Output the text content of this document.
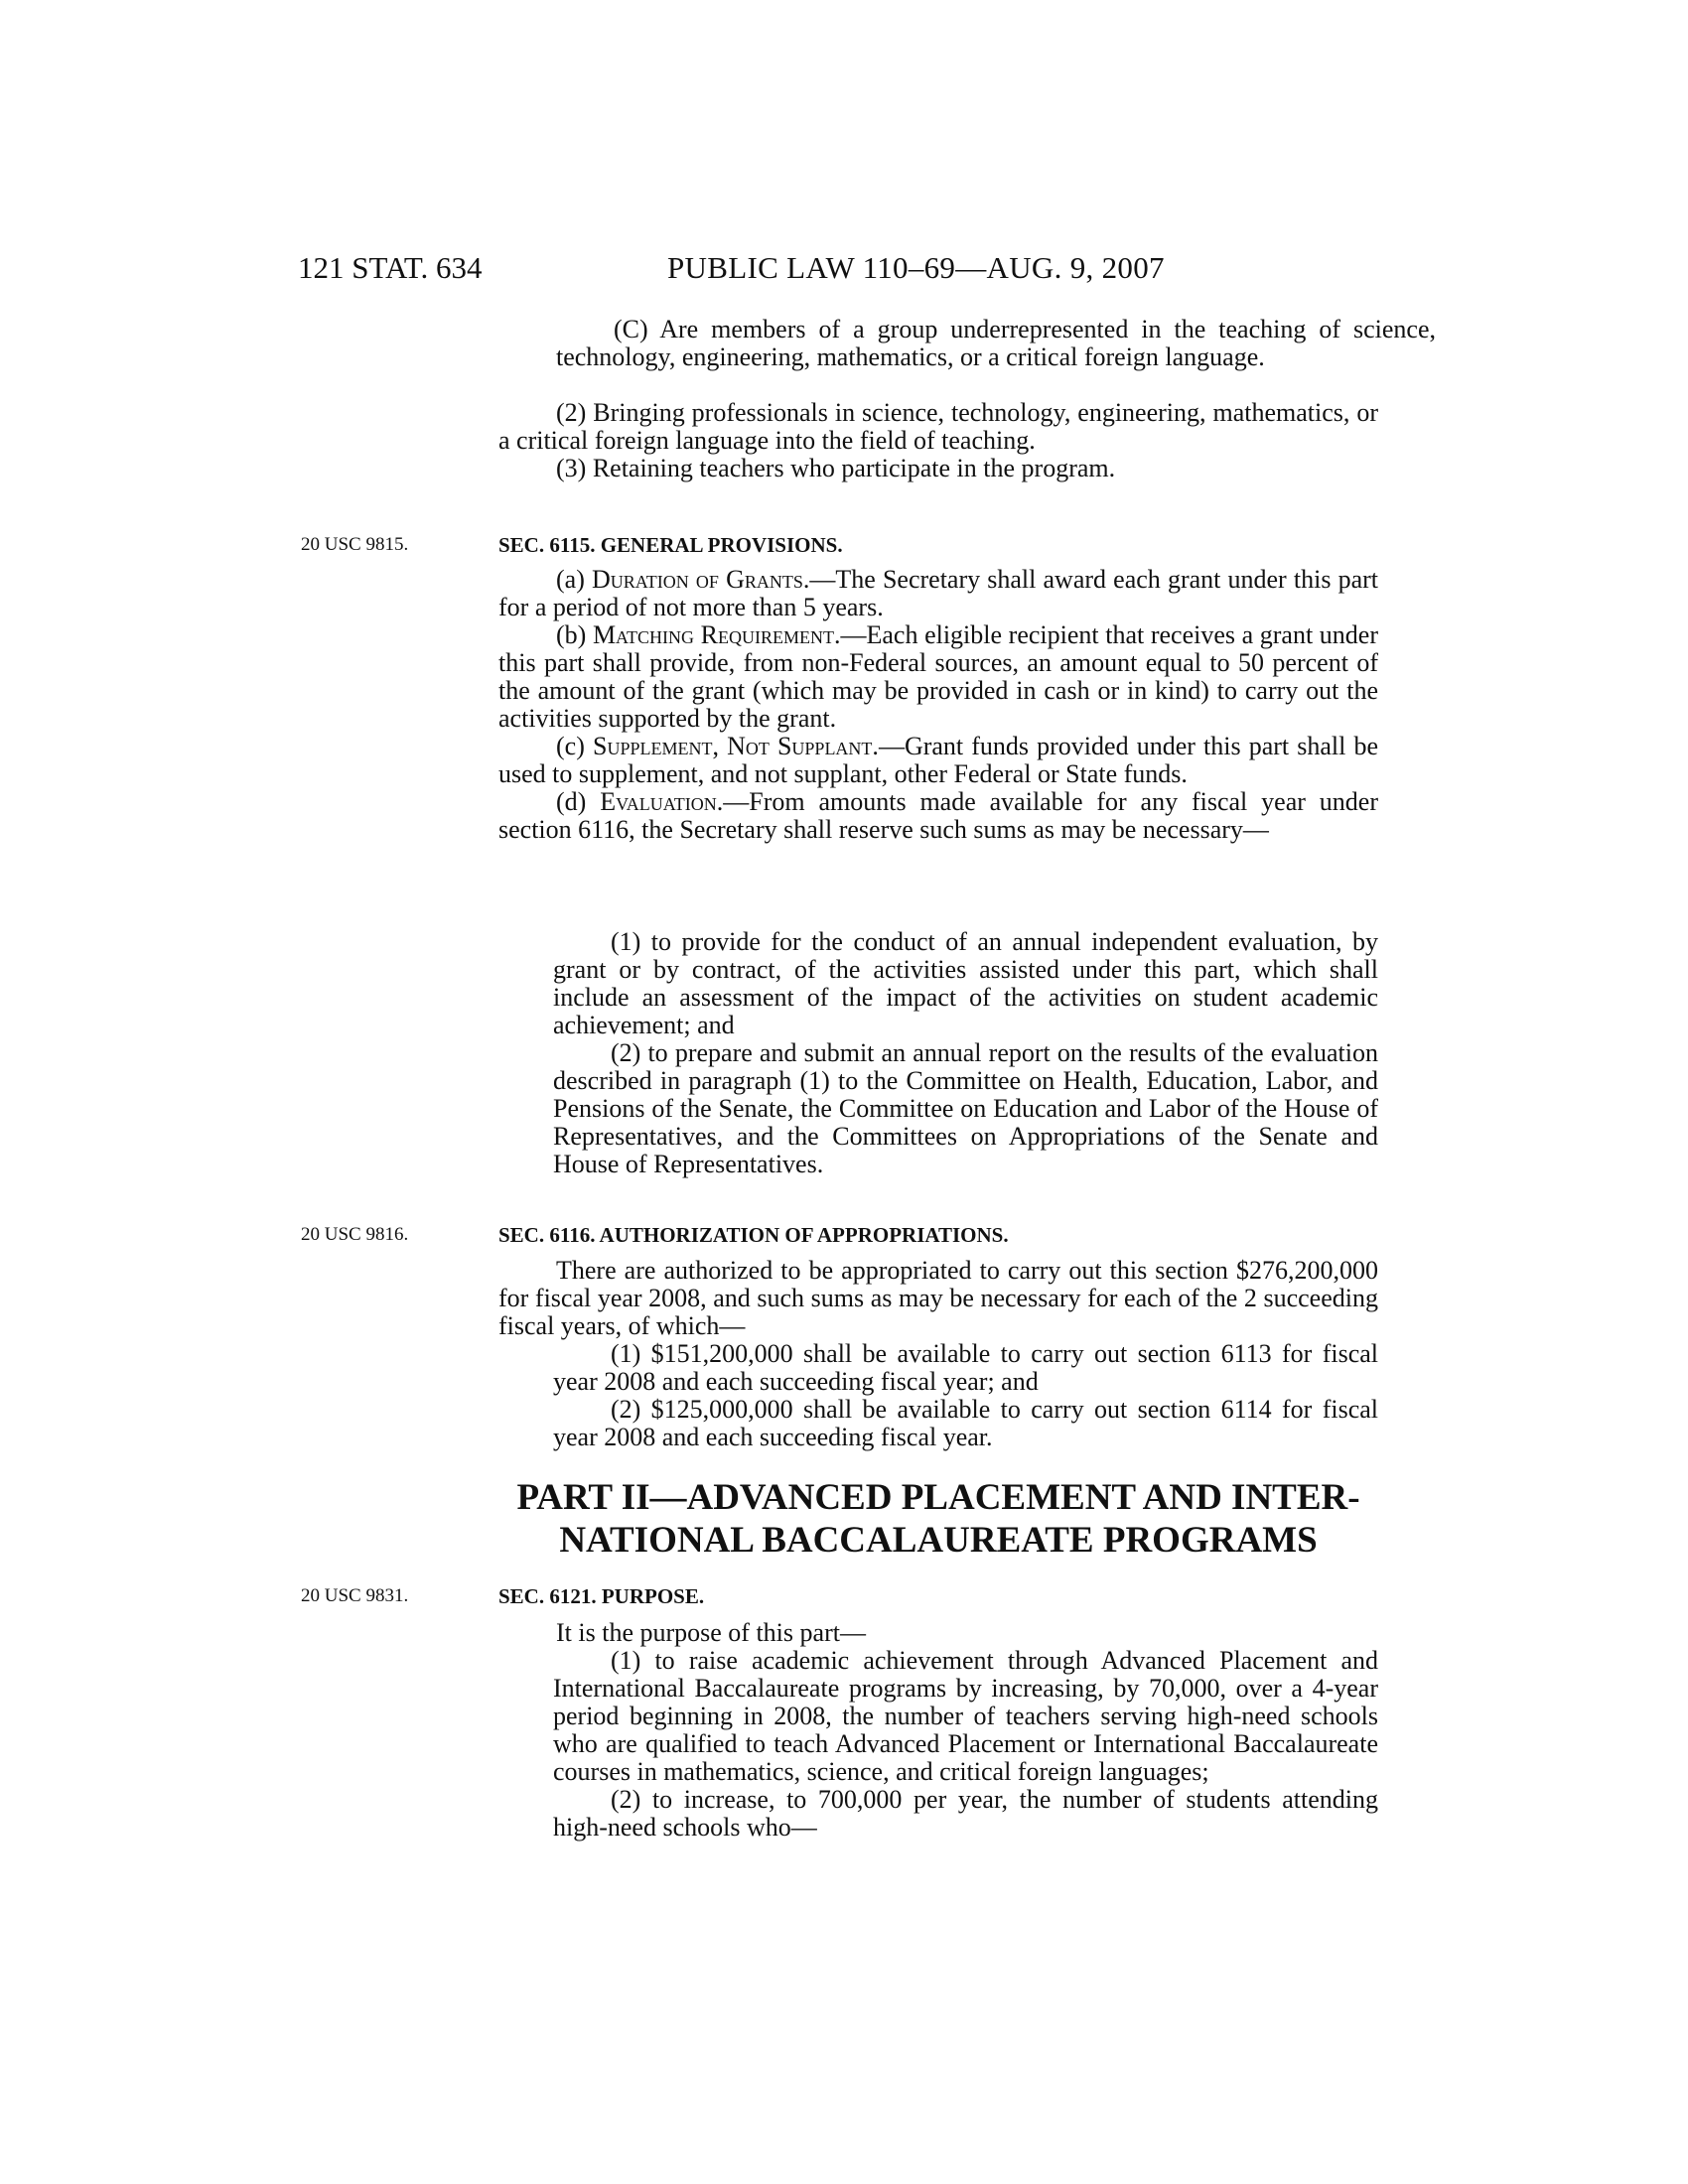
121 STAT. 634	PUBLIC LAW 110–69—AUG. 9, 2007

(C) Are members of a group underrepresented in the teaching of science, technology, engineering, mathematics, or a critical foreign language.

(2) Bringing professionals in science, technology, engineering, mathematics, or a critical foreign language into the field of teaching.

(3) Retaining teachers who participate in the program.

20 USC 9815.	SEC. 6115. GENERAL PROVISIONS.

(a) Duration of Grants.—The Secretary shall award each grant under this part for a period of not more than 5 years.

(b) Matching Requirement.—Each eligible recipient that receives a grant under this part shall provide, from non-Federal sources, an amount equal to 50 percent of the amount of the grant (which may be provided in cash or in kind) to carry out the activities supported by the grant.

(c) Supplement, Not Supplant.—Grant funds provided under this part shall be used to supplement, and not supplant, other Federal or State funds.

(d) Evaluation.—From amounts made available for any fiscal year under section 6116, the Secretary shall reserve such sums as may be necessary—

(1) to provide for the conduct of an annual independent evaluation, by grant or by contract, of the activities assisted under this part, which shall include an assessment of the impact of the activities on student academic achievement; and

(2) to prepare and submit an annual report on the results of the evaluation described in paragraph (1) to the Committee on Health, Education, Labor, and Pensions of the Senate, the Committee on Education and Labor of the House of Representatives, and the Committees on Appropriations of the Senate and House of Representatives.

20 USC 9816.	SEC. 6116. AUTHORIZATION OF APPROPRIATIONS.

There are authorized to be appropriated to carry out this section $276,200,000 for fiscal year 2008, and such sums as may be necessary for each of the 2 succeeding fiscal years, of which—

(1) $151,200,000 shall be available to carry out section 6113 for fiscal year 2008 and each succeeding fiscal year; and

(2) $125,000,000 shall be available to carry out section 6114 for fiscal year 2008 and each succeeding fiscal year.

PART II—ADVANCED PLACEMENT AND INTER-
NATIONAL BACCALAUREATE PROGRAMS
20 USC 9831.	SEC. 6121. PURPOSE.

It is the purpose of this part—

(1) to raise academic achievement through Advanced Placement and International Baccalaureate programs by increasing, by 70,000, over a 4-year period beginning in 2008, the number of teachers serving high-need schools who are qualified to teach Advanced Placement or International Baccalaureate courses in mathematics, science, and critical foreign languages;

(2) to increase, to 700,000 per year, the number of students attending high-need schools who—
